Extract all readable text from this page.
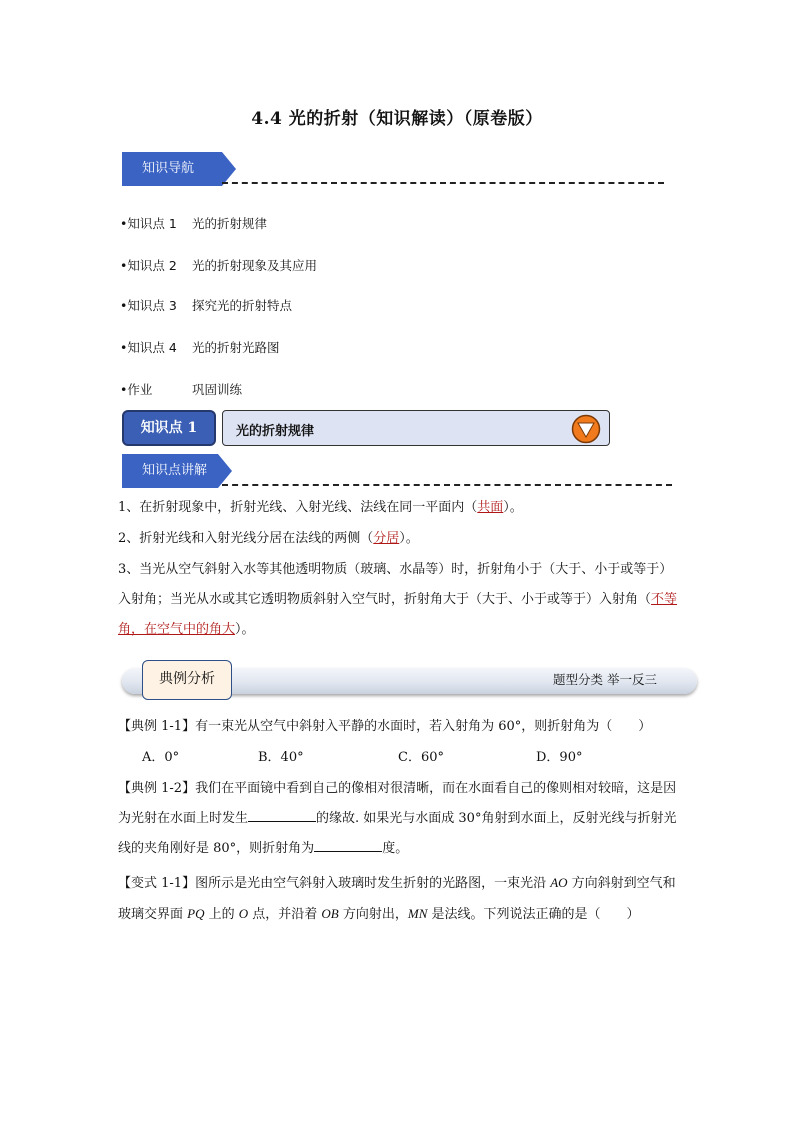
4.4 光的折射（知识解读）（原卷版）
知识导航
•知识点 1 光的折射规律
•知识点 2 光的折射现象及其应用
•知识点 3 探究光的折射特点
•知识点 4 光的折射光路图
•作业	巩固训练
知识点 1	光的折射规律
知识点讲解
1、在折射现象中，折射光线、入射光线、法线在同一平面内（共面）。
2、折射光线和入射光线分居在法线的两侧（分居）。
3、当光从空气斜射入水等其他透明物质（玻璃、水晶等）时，折射角小于（大于、小于或等于）入射角；当光从水或其它透明物质斜射入空气时，折射角大于（大于、小于或等于）入射角（不等角，在空气中的角大）。
典例分析	题型分类 举一反三
【典例 1-1】有一束光从空气中斜射入平静的水面时，若入射角为 60°，则折射角为（　　）
A．0°	B．40°	C．60°	D．90°
【典例 1-2】我们在平面镜中看到自己的像相对很清晰，而在水面看自己的像则相对较暗，这是因为光射在水面上时发生	的缘故. 如果光与水面成 30°角射到水面上，反射光线与折射光线的夹角刚好是 80°，则折射角为	度。
【变式 1-1】图所示是光由空气斜射入玻璃时发生折射的光路图，一束光沿 AO 方向斜射到空气和玻璃交界面 PQ 上的 O 点，并沿着 OB 方向射出，MN 是法线。下列说法正确的是（　　）
